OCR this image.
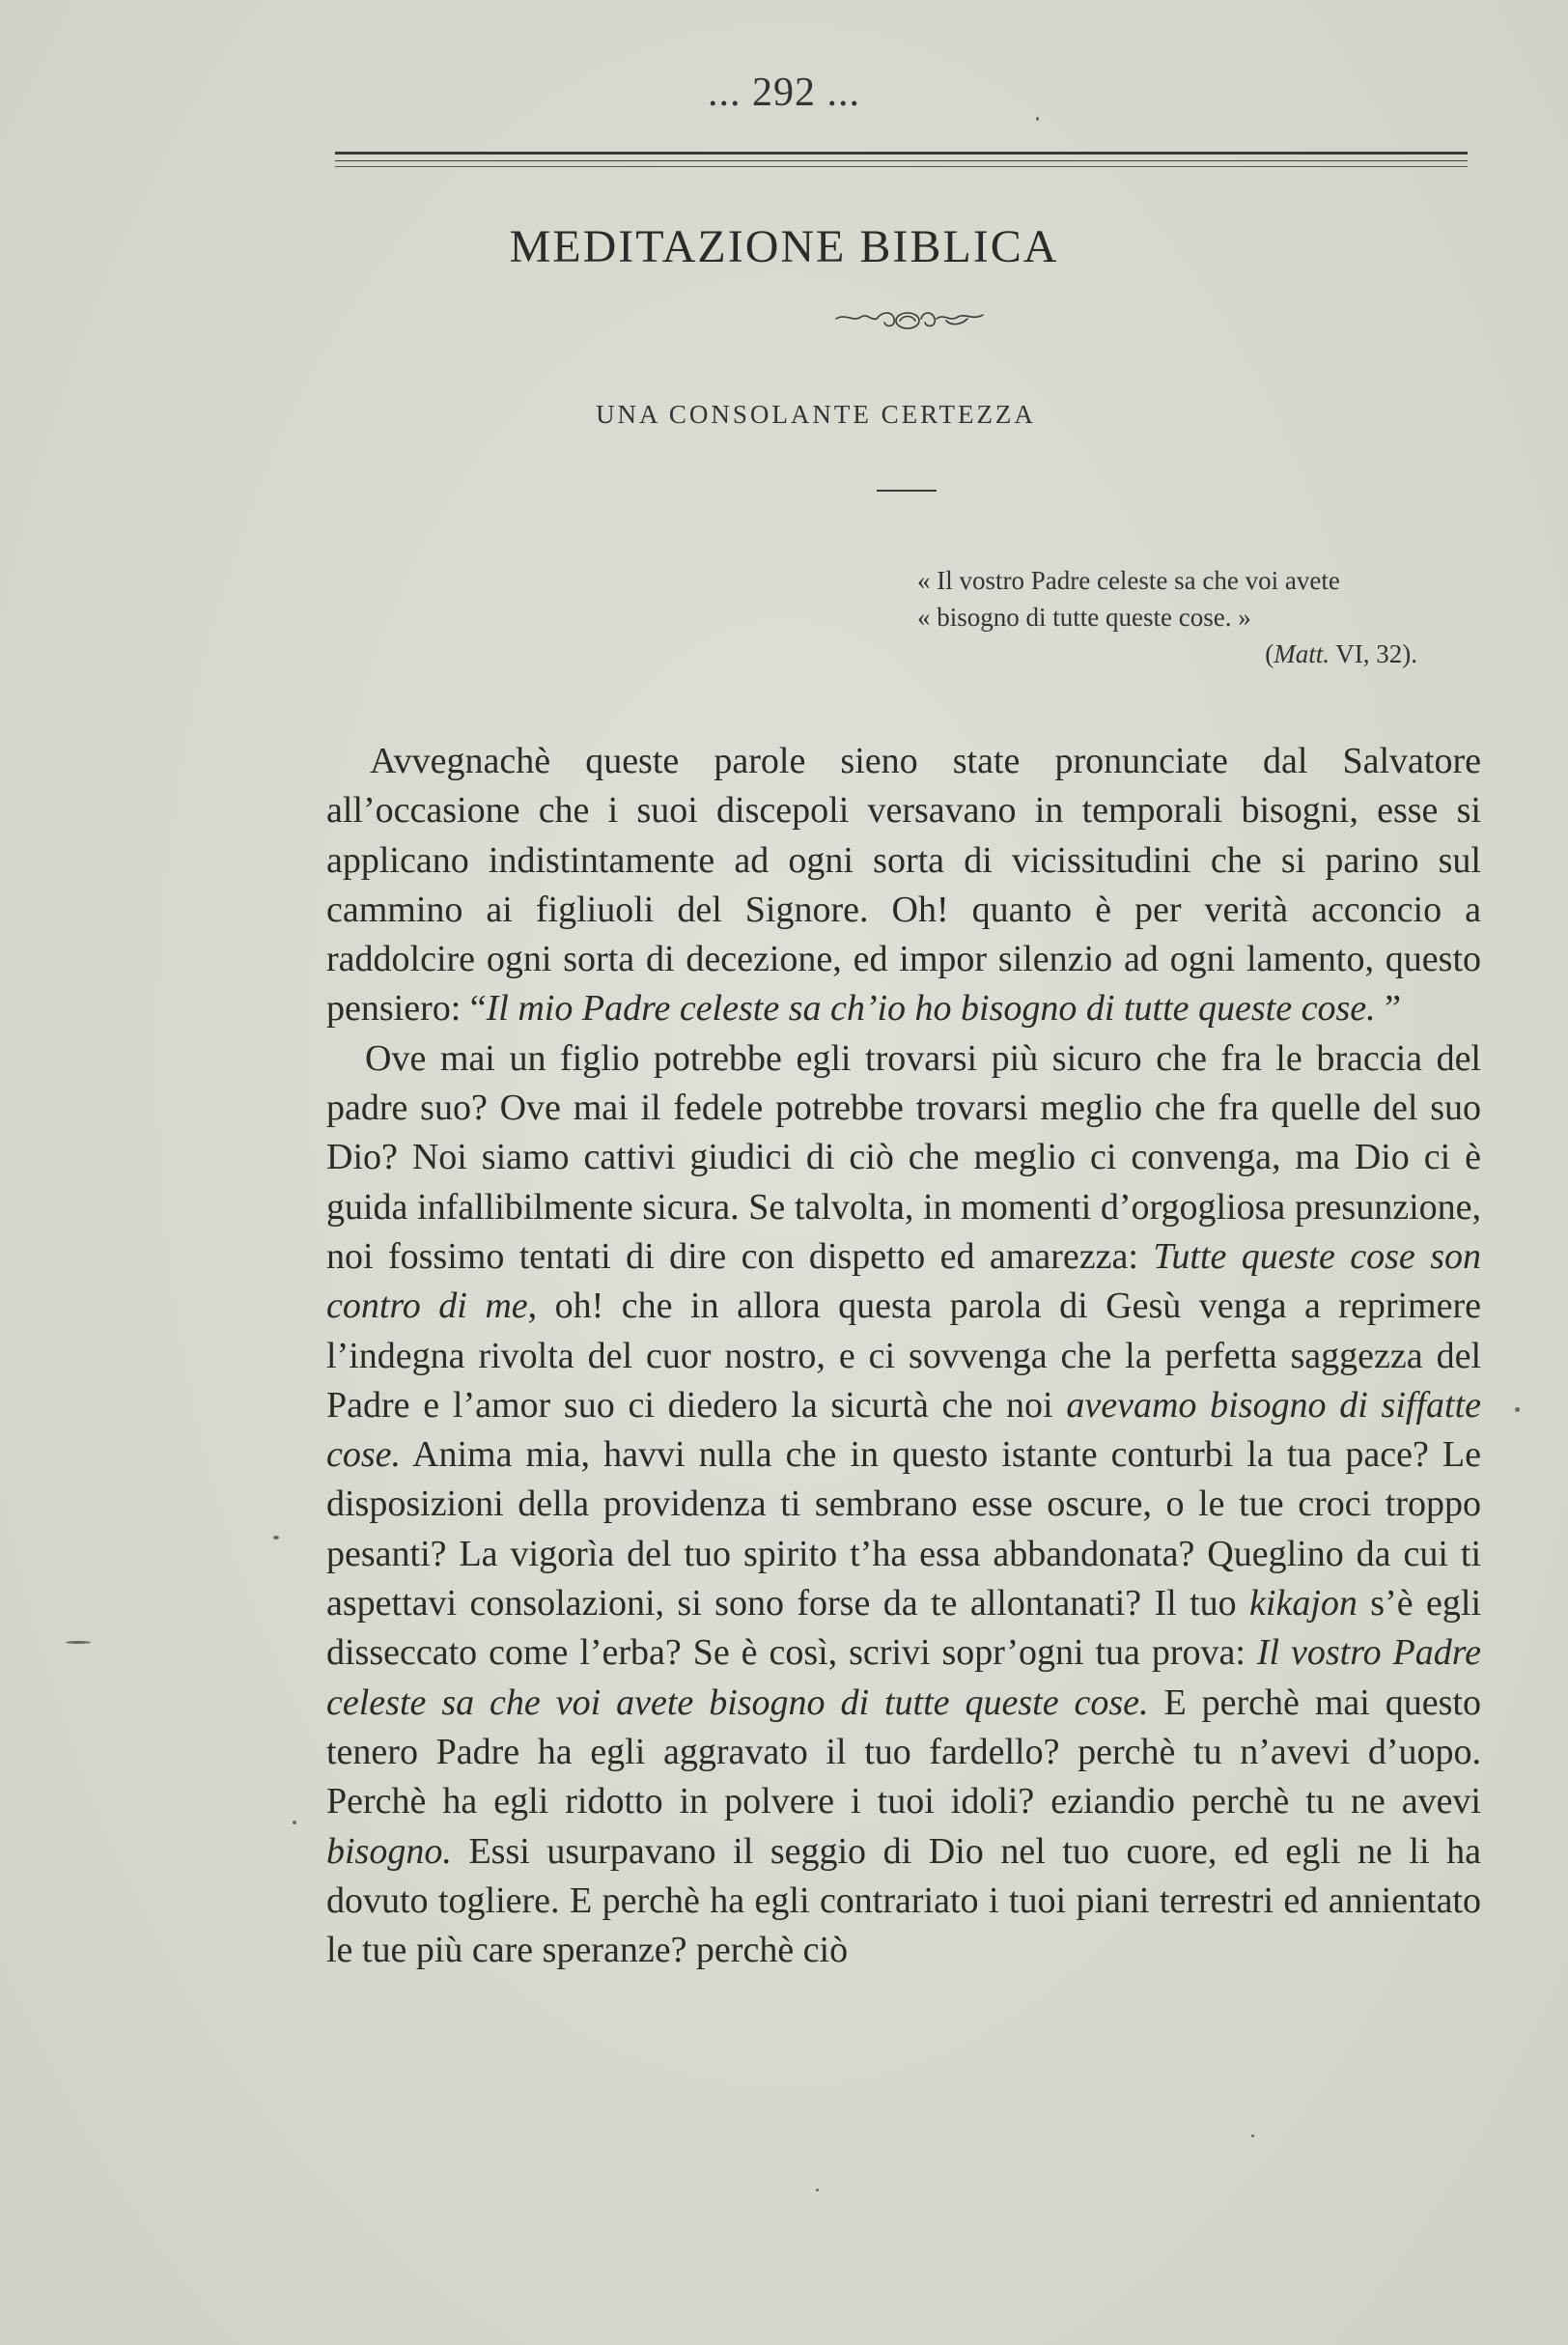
... 292 ...
MEDITAZIONE BIBLICA
UNA CONSOLANTE CERTEZZA
« Il vostro Padre celeste sa che voi avete
« bisogno di tutte queste cose. »
(Matt. VI, 32).

Avvegnachè queste parole sieno state pronunciate dal Salvatore all’occasione che i suoi discepoli versavano in temporali bisogni, esse si applicano indistintamente ad ogni sorta di vicissitudini che si parino sul cammino ai figliuoli del Signore. Oh! quanto è per verità acconcio a raddolcire ogni sorta di decezione, ed impor silenzio ad ogni lamento, questo pensiero: “Il mio Padre celeste sa ch’io ho bisogno di tutte queste cose. ”

Ove mai un figlio potrebbe egli trovarsi più sicuro che fra le braccia del padre suo? Ove mai il fedele potrebbe trovarsi meglio che fra quelle del suo Dio? Noi siamo cattivi giudici di ciò che meglio ci convenga, ma Dio ci è guida infallibilmente sicura. Se talvolta, in momenti d’orgogliosa presunzione, noi fossimo tentati di dire con dispetto ed amarezza: Tutte queste cose son contro di me, oh! che in allora questa parola di Gesù venga a reprimere l’indegna rivolta del cuor nostro, e ci sovvenga che la perfetta saggezza del Padre e l’amor suo ci diedero la sicurtà che noi avevamo bisogno di siffatte cose. Anima mia, havvi nulla che in questo istante conturbi la tua pace? Le disposizioni della providenza ti sembrano esse oscure, o le tue croci troppo pesanti? La vigorìa del tuo spirito t’ha essa abbandonata? Queglino da cui ti aspettavi consolazioni, si sono forse da te allontanati? Il tuo kikajon s’è egli disseccato come l’erba? Se è così, scrivi sopr’ogni tua prova: Il vostro Padre celeste sa che voi avete bisogno di tutte queste cose. E perchè mai questo tenero Padre ha egli aggravato il tuo fardello? perchè tu n’avevi d’uopo. Perchè ha egli ridotto in polvere i tuoi idoli? eziandio perchè tu ne avevi bisogno. Essi usurpavano il seggio di Dio nel tuo cuore, ed egli ne li ha dovuto togliere. E perchè ha egli contrariato i tuoi piani terrestri ed annientato le tue più care speranze? perchè ciò
